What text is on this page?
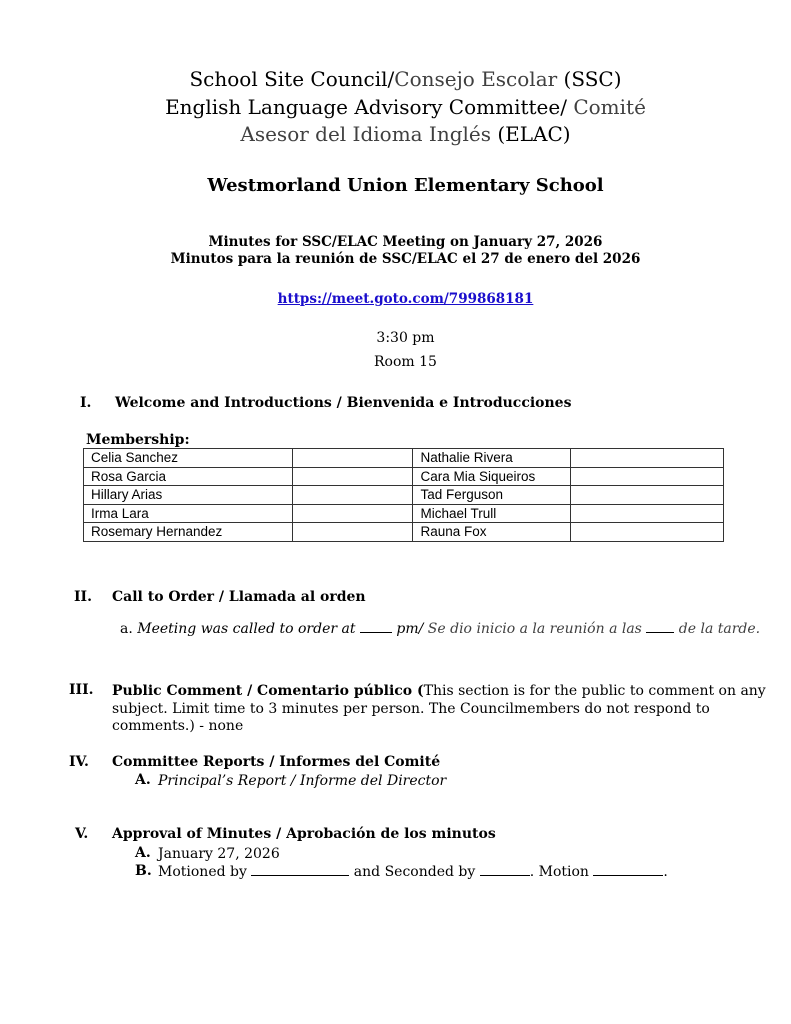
School Site Council/Consejo Escolar (SSC)
English Language Advisory Committee/ Comité
Asesor del Idioma Inglés (ELAC)
Westmorland Union Elementary School
Minutes for SSC/ELAC Meeting on January 27, 2026
Minutos para la reunión de SSC/ELAC el 27 de enero del 2026
https://meet.goto.com/799868181
3:30 pm
Room 15
I. Welcome and Introductions / Bienvenida e Introducciones
Membership:
Celia Sanchez		Nathalie Rivera	
Rosa Garcia		Cara Mia Siqueiros	
Hillary Arias		Tad Ferguson	
Irma Lara		Michael Trull	
Rosemary Hernandez		Rauna Fox	
II. Call to Order / Llamada al orden
a. Meeting was called to order at	pm/ Se dio inicio a la reunión a las  de la tarde.
III. Public Comment / Comentario público (This section is for the public to comment on any
subject. Limit time to 3 minutes per person. The Councilmembers do not respond to
comments.) - none
IV. Committee Reports / Informes del Comité
A. Principal’s Report / Informe del Director
V. Approval of Minutes / Aprobación de los minutos
A. January 27, 2026
B. Motioned by	and Seconded by	. Motion	.
